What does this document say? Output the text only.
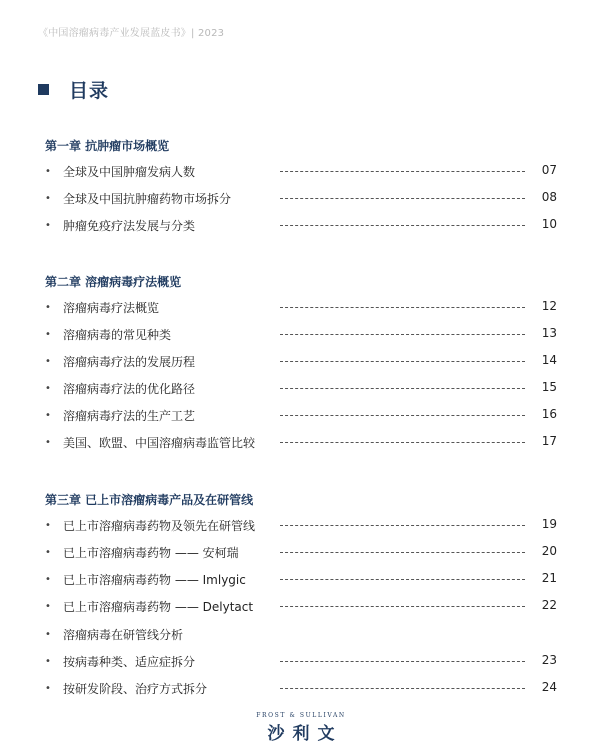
《中国溶瘤病毒产业发展蓝皮书》| 2023
目录
第一章 抗肿瘤市场概览
•	全球及中国肿瘤发病人数	07
•	全球及中国抗肿瘤药物市场拆分	08
•	肿瘤免疫疗法发展与分类	10
第二章 溶瘤病毒疗法概览
•	溶瘤病毒疗法概览	12
•	溶瘤病毒的常见种类	13
•	溶瘤病毒疗法的发展历程	14
•	溶瘤病毒疗法的优化路径	15
•	溶瘤病毒疗法的生产工艺	16
•	美国、欧盟、中国溶瘤病毒监管比较	17
第三章 已上市溶瘤病毒产品及在研管线
•	已上市溶瘤病毒药物及领先在研管线	19
•	已上市溶瘤病毒药物 —— 安柯瑞	20
•	已上市溶瘤病毒药物 —— Imlygic	21
•	已上市溶瘤病毒药物 —— Delytact	22
•	溶瘤病毒在研管线分析
•	按病毒种类、适应症拆分	23
•	按研发阶段、治疗方式拆分	24
FROST & SULLIVAN
沙利文
